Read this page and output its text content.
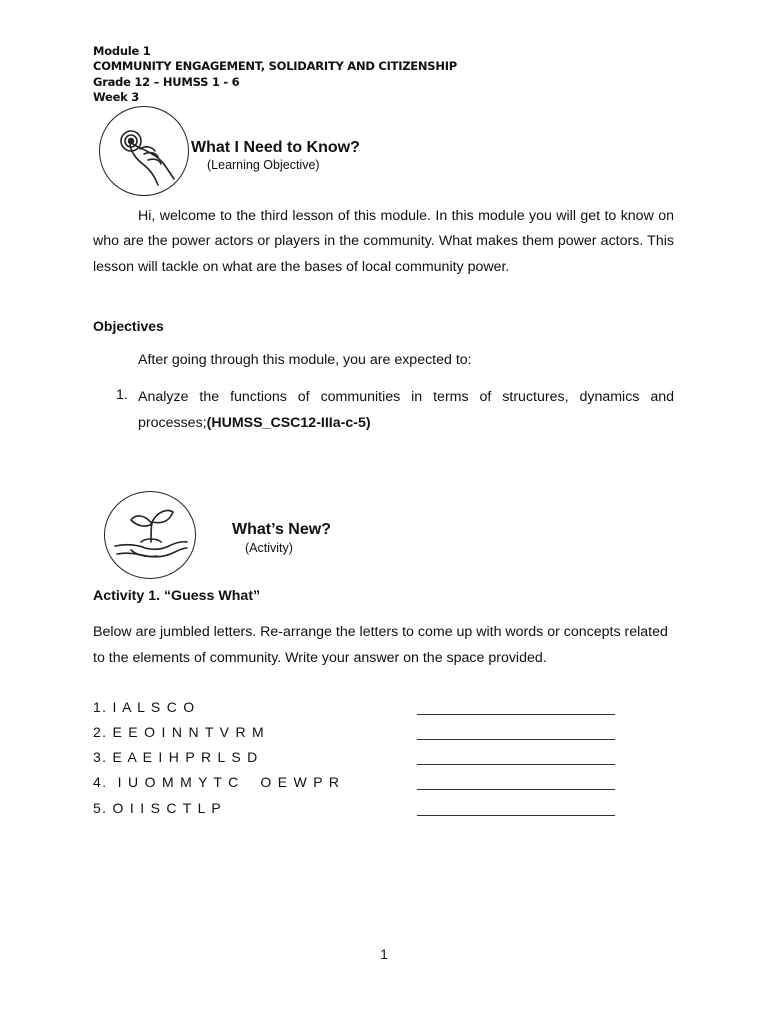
Module 1
COMMUNITY ENGAGEMENT, SOLIDARITY AND CITIZENSHIP
Grade 12 – HUMSS 1 - 6
Week 3
What I Need to Know?
(Learning Objective)
Hi, welcome to the third lesson of this module. In this module you will get to know on who are the power actors or players in the community. What makes them power actors. This lesson will tackle on what are the bases of local community power.
Objectives
After going through this module, you are expected to:
1. Analyze the functions of communities in terms of structures, dynamics and processes;(HUMSS_CSC12-IIIa-c-5)
What’s New?
(Activity)
Activity 1. “Guess What”
Below are jumbled letters. Re-arrange the letters to come up with words or concepts related to the elements of community. Write your answer on the space provided.
1. I A L S C O
2. E E O I N N T V R M
3. E A E I H P R L S D
4.  I U O M M Y T C    O E W P R
5. O I I S C T L P
1
